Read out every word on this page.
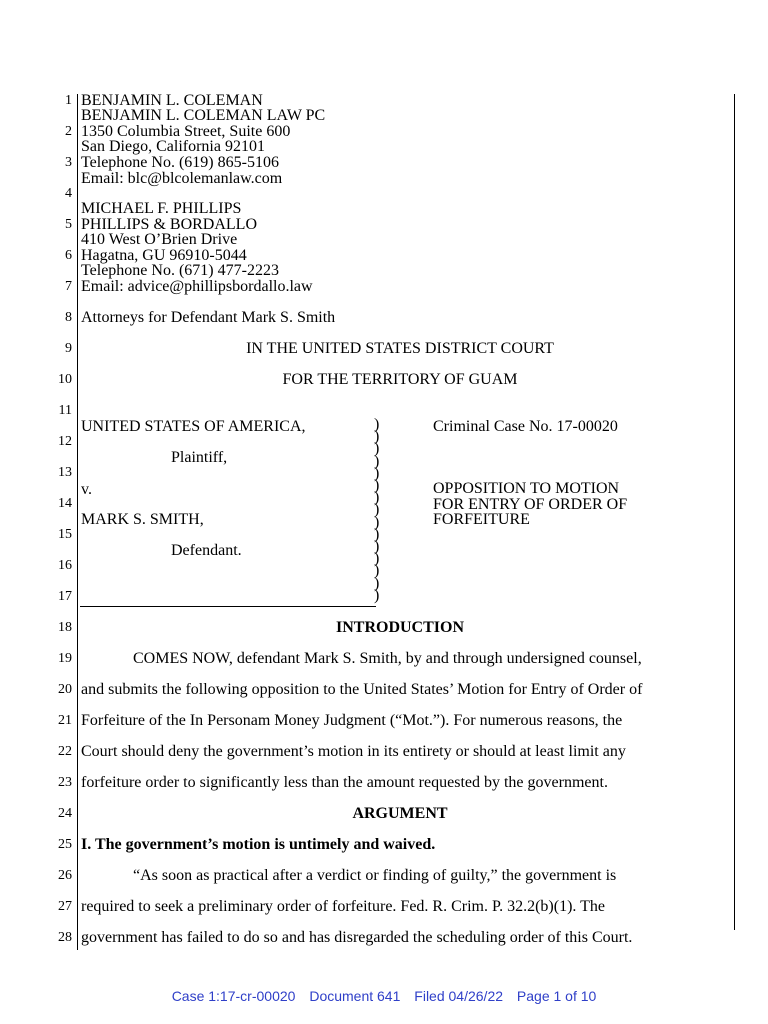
1
2
3
4
5
6
7
8
9
10
11
12
13
14
15
16
17
18
19
20
21
22
23
24
25
26
27
28
BENJAMIN L. COLEMAN
BENJAMIN L. COLEMAN LAW PC
1350 Columbia Street, Suite 600
San Diego, California 92101
Telephone No. (619) 865-5106
Email: blc@blcolemanlaw.com
MICHAEL F. PHILLIPS
PHILLIPS & BORDALLO
410 West O’Brien Drive
Hagatna, GU 96910-5044
Telephone No. (671) 477-2223
Email: advice@phillipsbordallo.law
Attorneys for Defendant Mark S. Smith
IN THE UNITED STATES DISTRICT COURT
FOR THE TERRITORY OF GUAM
UNITED STATES OF AMERICA,
Plaintiff,
v.
MARK S. SMITH,
Defendant.
)
)
)
)
)
)
)
)
)
)
)
)
)
)
)
Criminal Case No. 17-00020
OPPOSITION TO MOTION
FOR ENTRY OF ORDER OF
FORFEITURE
INTRODUCTION
COMES NOW, defendant Mark S. Smith, by and through undersigned counsel,
and submits the following opposition to the United States’ Motion for Entry of Order of
Forfeiture of the In Personam Money Judgment (“Mot.”). For numerous reasons, the
Court should deny the government’s motion in its entirety or should at least limit any
forfeiture order to significantly less than the amount requested by the government.
ARGUMENT
I. The government’s motion is untimely and waived.
“As soon as practical after a verdict or finding of guilty,” the government is
required to seek a preliminary order of forfeiture. Fed. R. Crim. P. 32.2(b)(1). The
government has failed to do so and has disregarded the scheduling order of this Court.
Case 1:17-cr-00020 Document 641 Filed 04/26/22 Page 1 of 10
